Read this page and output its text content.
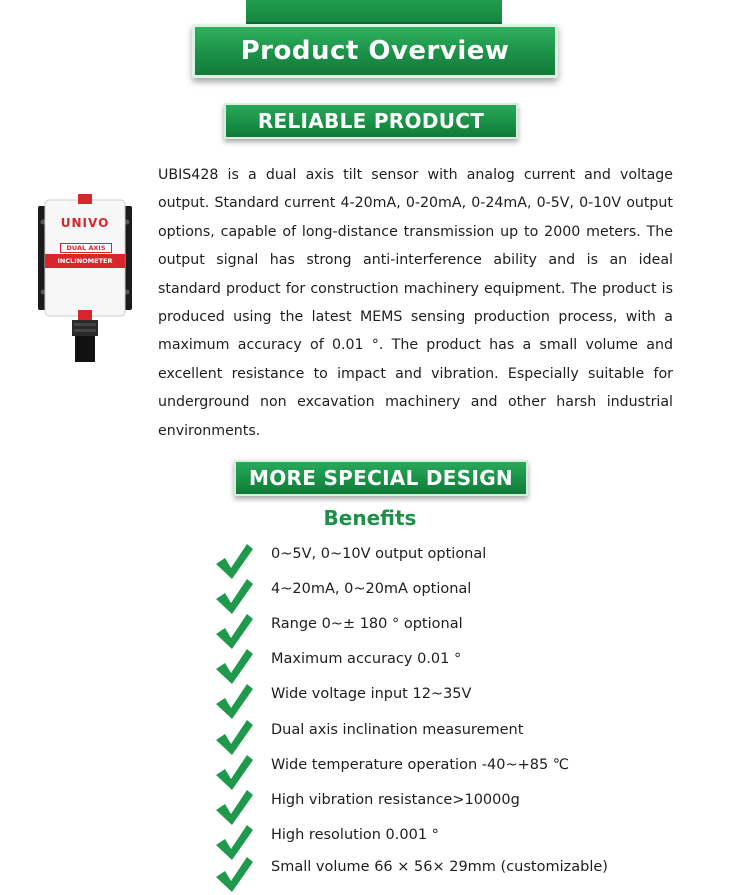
Product Overview
RELIABLE PRODUCT
UNIVO
DUAL AXIS
INCLINOMETER
UBIS428 is a dual axis tilt sensor with analog current and voltage output. Standard current 4-20mA, 0-20mA, 0-24mA, 0-5V, 0-10V output options, capable of long-distance transmission up to 2000 meters. The output signal has strong anti-interference ability and is an ideal standard product for construction machinery equipment. The product is produced using the latest MEMS sensing production process, with a maximum accuracy of 0.01 °. The product has a small volume and excellent resistance to impact and vibration. Especially suitable for underground non excavation machinery and other harsh industrial environments.
MORE SPECIAL DESIGN
Benefits
0~5V, 0~10V output optional
4~20mA, 0~20mA optional
Range 0~± 180 ° optional
Maximum accuracy 0.01 °
Wide voltage input 12~35V
Dual axis inclination measurement
Wide temperature operation -40~+85 ℃
High vibration resistance>10000g
High resolution 0.001 °
Small volume 66 × 56× 29mm (customizable)
